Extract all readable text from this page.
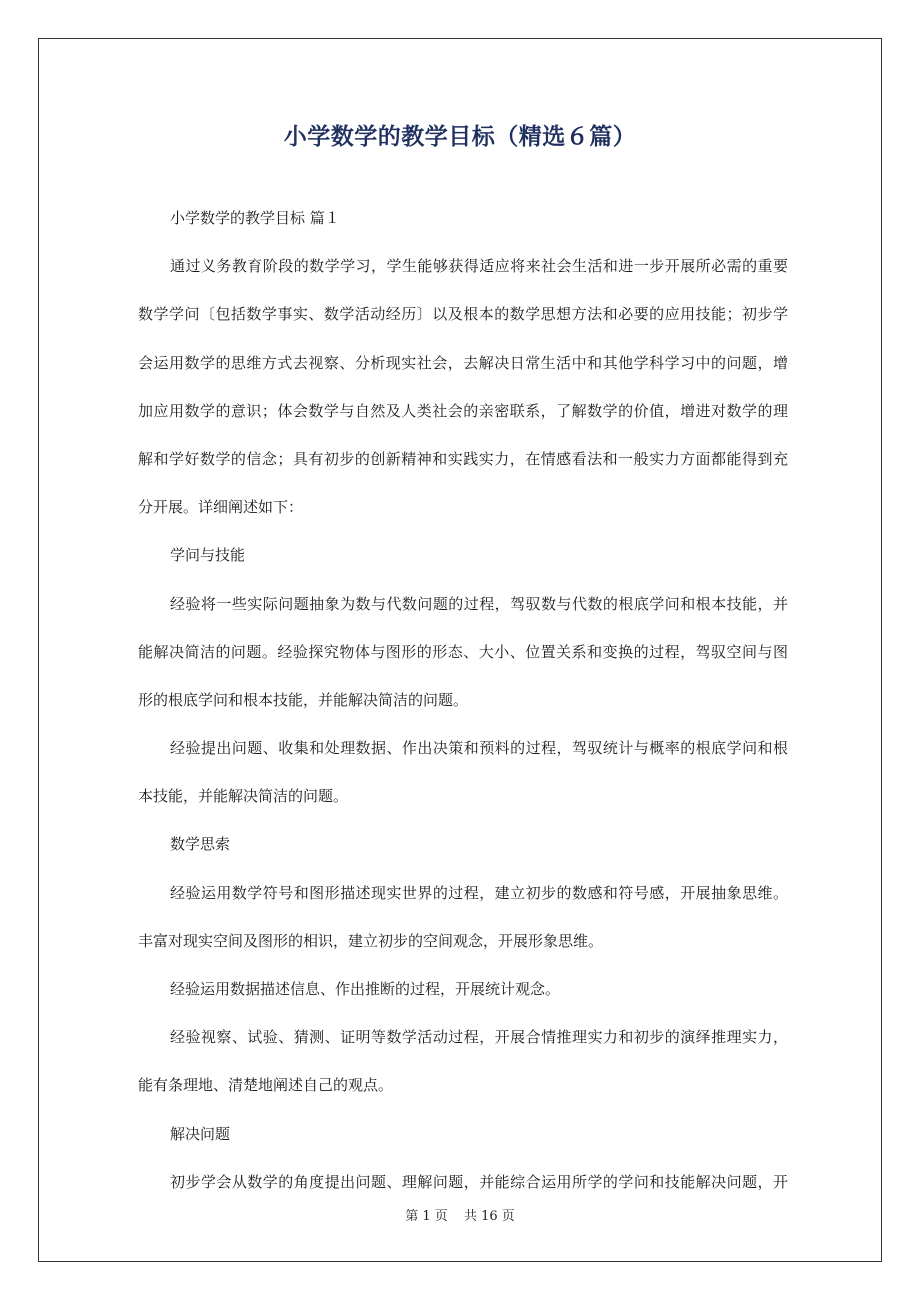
小学数学的教学目标（精选６篇）
小学数学的教学目标 篇１
通过义务教育阶段的数学学习，学生能够获得适应将来社会生活和进一步开展所必需的重要
数学学问〔包括数学事实、数学活动经历〕以及根本的数学思想方法和必要的应用技能；初步学
会运用数学的思维方式去视察、分析现实社会，去解决日常生活中和其他学科学习中的问题，增
加应用数学的意识；体会数学与自然及人类社会的亲密联系，了解数学的价值，增进对数学的理
解和学好数学的信念；具有初步的创新精神和实践实力，在情感看法和一般实力方面都能得到充
分开展。详细阐述如下：
学问与技能
经验将一些实际问题抽象为数与代数问题的过程，驾驭数与代数的根底学问和根本技能，并
能解决简洁的问题。经验探究物体与图形的形态、大小、位置关系和变换的过程，驾驭空间与图
形的根底学问和根本技能，并能解决简洁的问题。
经验提出问题、收集和处理数据、作出决策和预料的过程，驾驭统计与概率的根底学问和根
本技能，并能解决简洁的问题。
数学思索
经验运用数学符号和图形描述现实世界的过程，建立初步的数感和符号感，开展抽象思维。
丰富对现实空间及图形的相识，建立初步的空间观念，开展形象思维。
经验运用数据描述信息、作出推断的过程，开展统计观念。
经验视察、试验、猜测、证明等数学活动过程，开展合情推理实力和初步的演绎推理实力，
能有条理地、清楚地阐述自己的观点。
解决问题
初步学会从数学的角度提出问题、理解问题，并能综合运用所学的学问和技能解决问题，开
第 1 页 共 16 页
